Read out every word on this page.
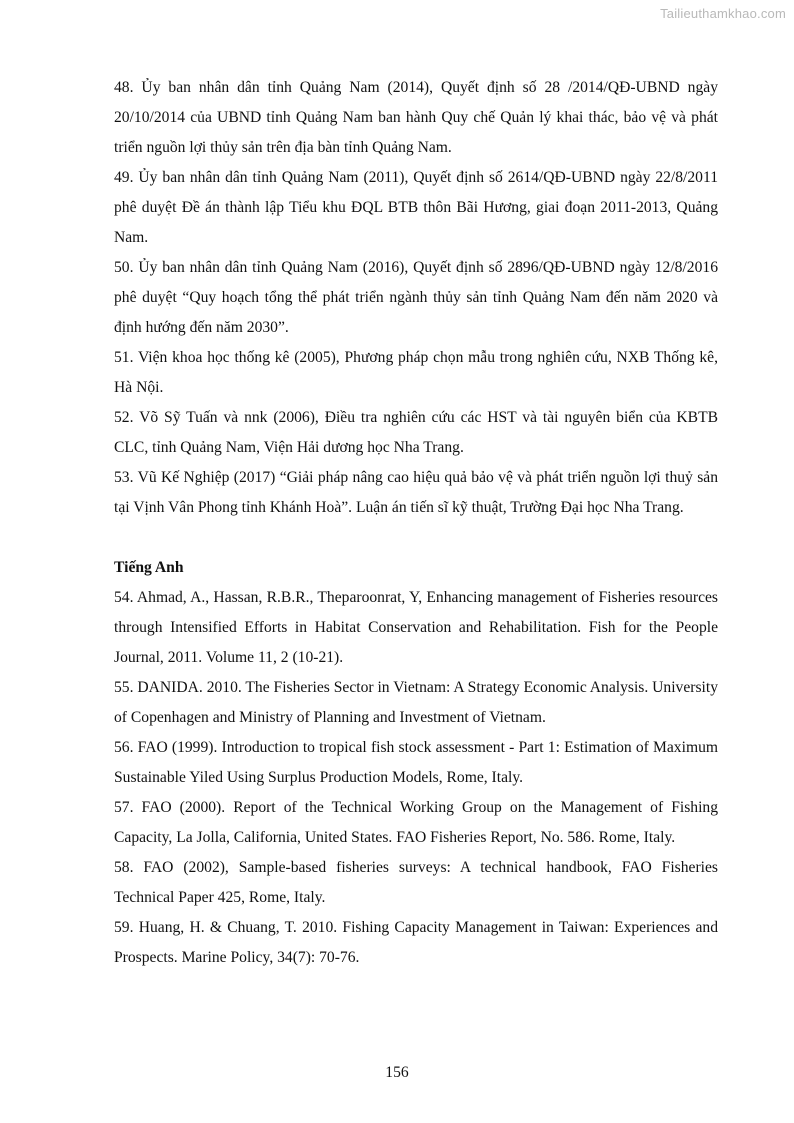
Tailieuthamkhao.com

48. Ủy ban nhân dân tỉnh Quảng Nam (2014), Quyết định số 28 /2014/QĐ-UBND ngày 20/10/2014 của UBND tỉnh Quảng Nam ban hành Quy chế Quản lý khai thác, bảo vệ và phát triển nguồn lợi thủy sản trên địa bàn tỉnh Quảng Nam.

49. Ủy ban nhân dân tỉnh Quảng Nam (2011), Quyết định số 2614/QĐ-UBND ngày 22/8/2011 phê duyệt Đề án thành lập Tiểu khu ĐQL BTB thôn Bãi Hương, giai đoạn 2011-2013, Quảng Nam.

50. Ủy ban nhân dân tỉnh Quảng Nam (2016), Quyết định số 2896/QĐ-UBND ngày 12/8/2016 phê duyệt “Quy hoạch tổng thể phát triển ngành thủy sản tỉnh Quảng Nam đến năm 2020 và định hướng đến năm 2030”.

51. Viện khoa học thống kê (2005), Phương pháp chọn mẫu trong nghiên cứu, NXB Thống kê, Hà Nội.

52. Võ Sỹ Tuấn và nnk (2006), Điều tra nghiên cứu các HST và tài nguyên biển của KBTB CLC, tỉnh Quảng Nam, Viện Hải dương học Nha Trang.

53. Vũ Kế Nghiệp (2017) “Giải pháp nâng cao hiệu quả bảo vệ và phát triển nguồn lợi thuỷ sản tại Vịnh Vân Phong tỉnh Khánh Hoà”. Luận án tiến sĩ kỹ thuật, Trường Đại học Nha Trang.

Tiếng Anh

54. Ahmad, A., Hassan, R.B.R., Theparoonrat, Y, Enhancing management of Fisheries resources through Intensified Efforts in Habitat Conservation and Rehabilitation. Fish for the People Journal, 2011. Volume 11, 2 (10-21).

55. DANIDA. 2010. The Fisheries Sector in Vietnam: A Strategy Economic Analysis. University of Copenhagen and Ministry of Planning and Investment of Vietnam.

56. FAO (1999). Introduction to tropical fish stock assessment - Part 1: Estimation of Maximum Sustainable Yiled Using Surplus Production Models, Rome, Italy.

57. FAO (2000). Report of the Technical Working Group on the Management of Fishing Capacity, La Jolla, California, United States. FAO Fisheries Report, No. 586. Rome, Italy.

58. FAO (2002), Sample-based fisheries surveys: A technical handbook, FAO Fisheries Technical Paper 425, Rome, Italy.

59. Huang, H. & Chuang, T. 2010. Fishing Capacity Management in Taiwan: Experiences and Prospects. Marine Policy, 34(7): 70-76.

156
